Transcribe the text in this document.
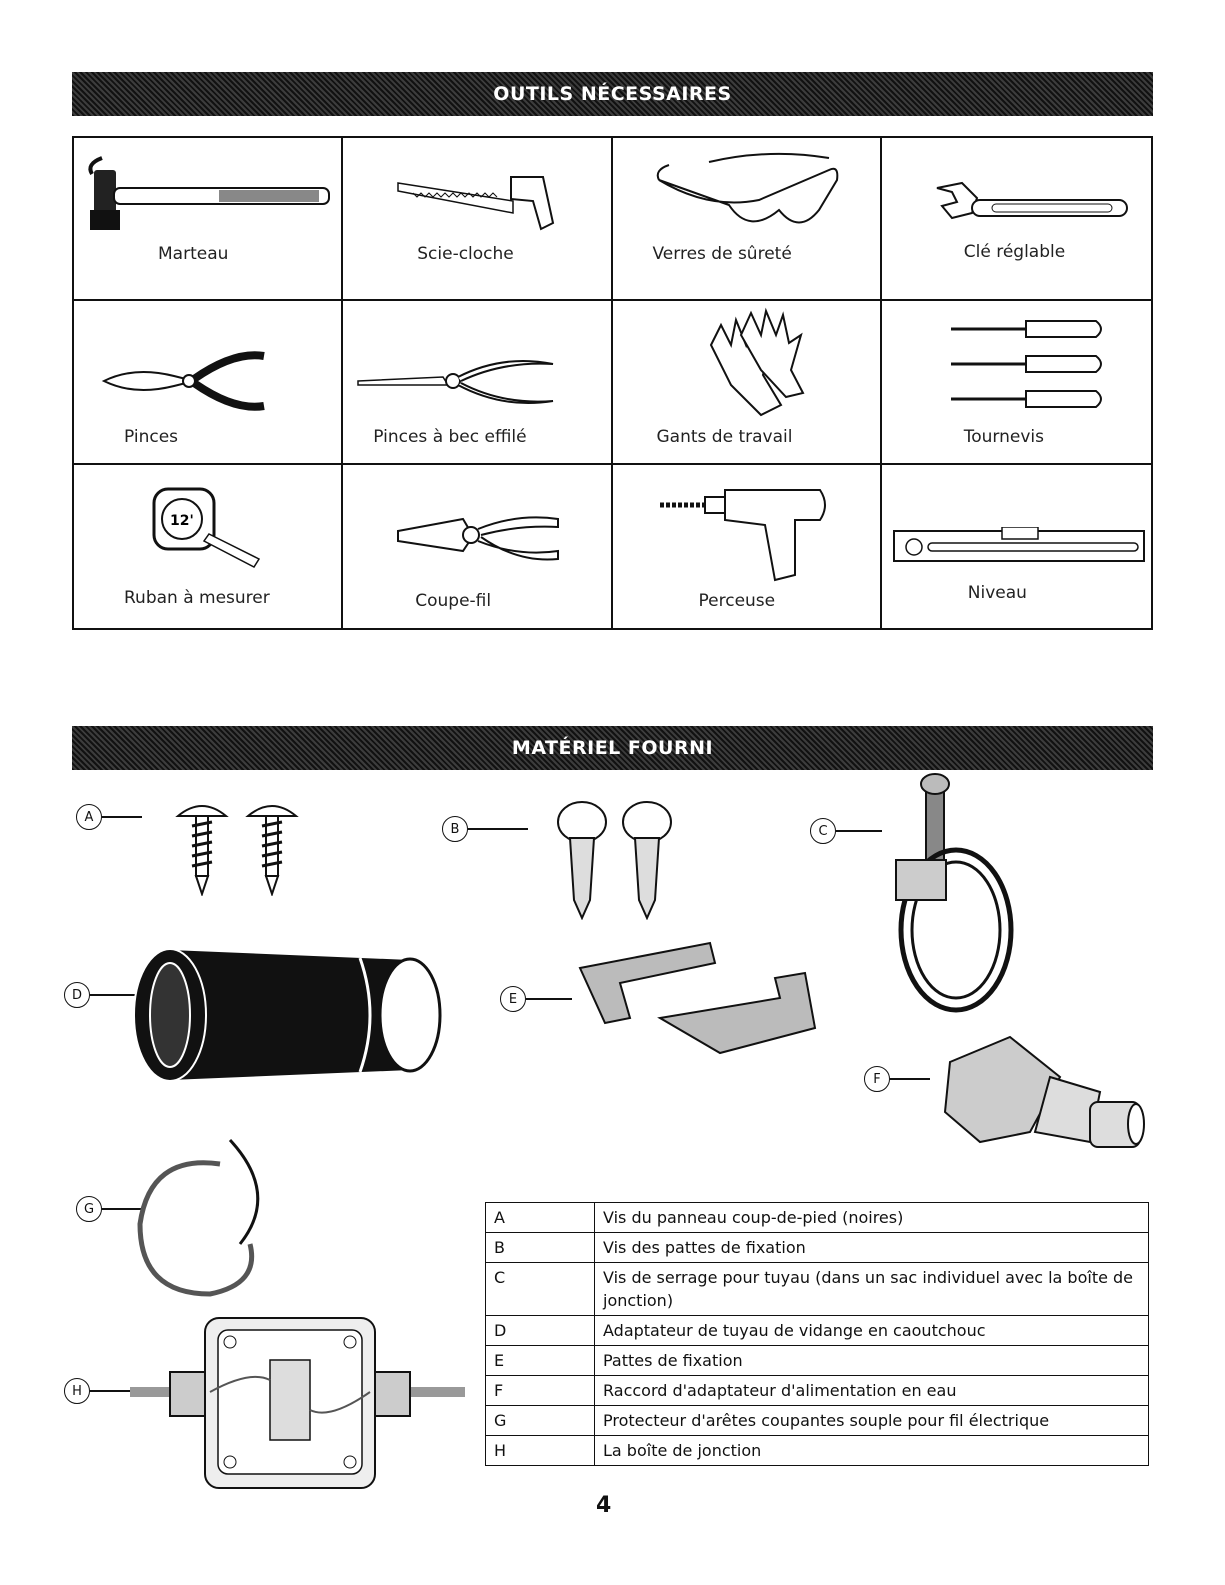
OUTILS NÉCESSAIRES
Marteau	Scie-cloche	Verres de sûreté	Clé réglable
Pinces	Pinces à bec effilé	Gants de travail	Tournevis
12'
Ruban à mesurer	Coupe-fil	Perceuse	Niveau
MATÉRIEL FOURNI
A
B	C
D	E
F
G
H
A	Vis du panneau coup-de-pied (noires)
B	Vis des pattes de fixation
C	Vis de serrage pour tuyau (dans un sac individuel avec la boîte de jonction)
D	Adaptateur de tuyau de vidange en caoutchouc
E	Pattes de fixation
F	Raccord d'adaptateur d'alimentation en eau
G	Protecteur d'arêtes coupantes souple pour fil électrique
H	La boîte de jonction
4
